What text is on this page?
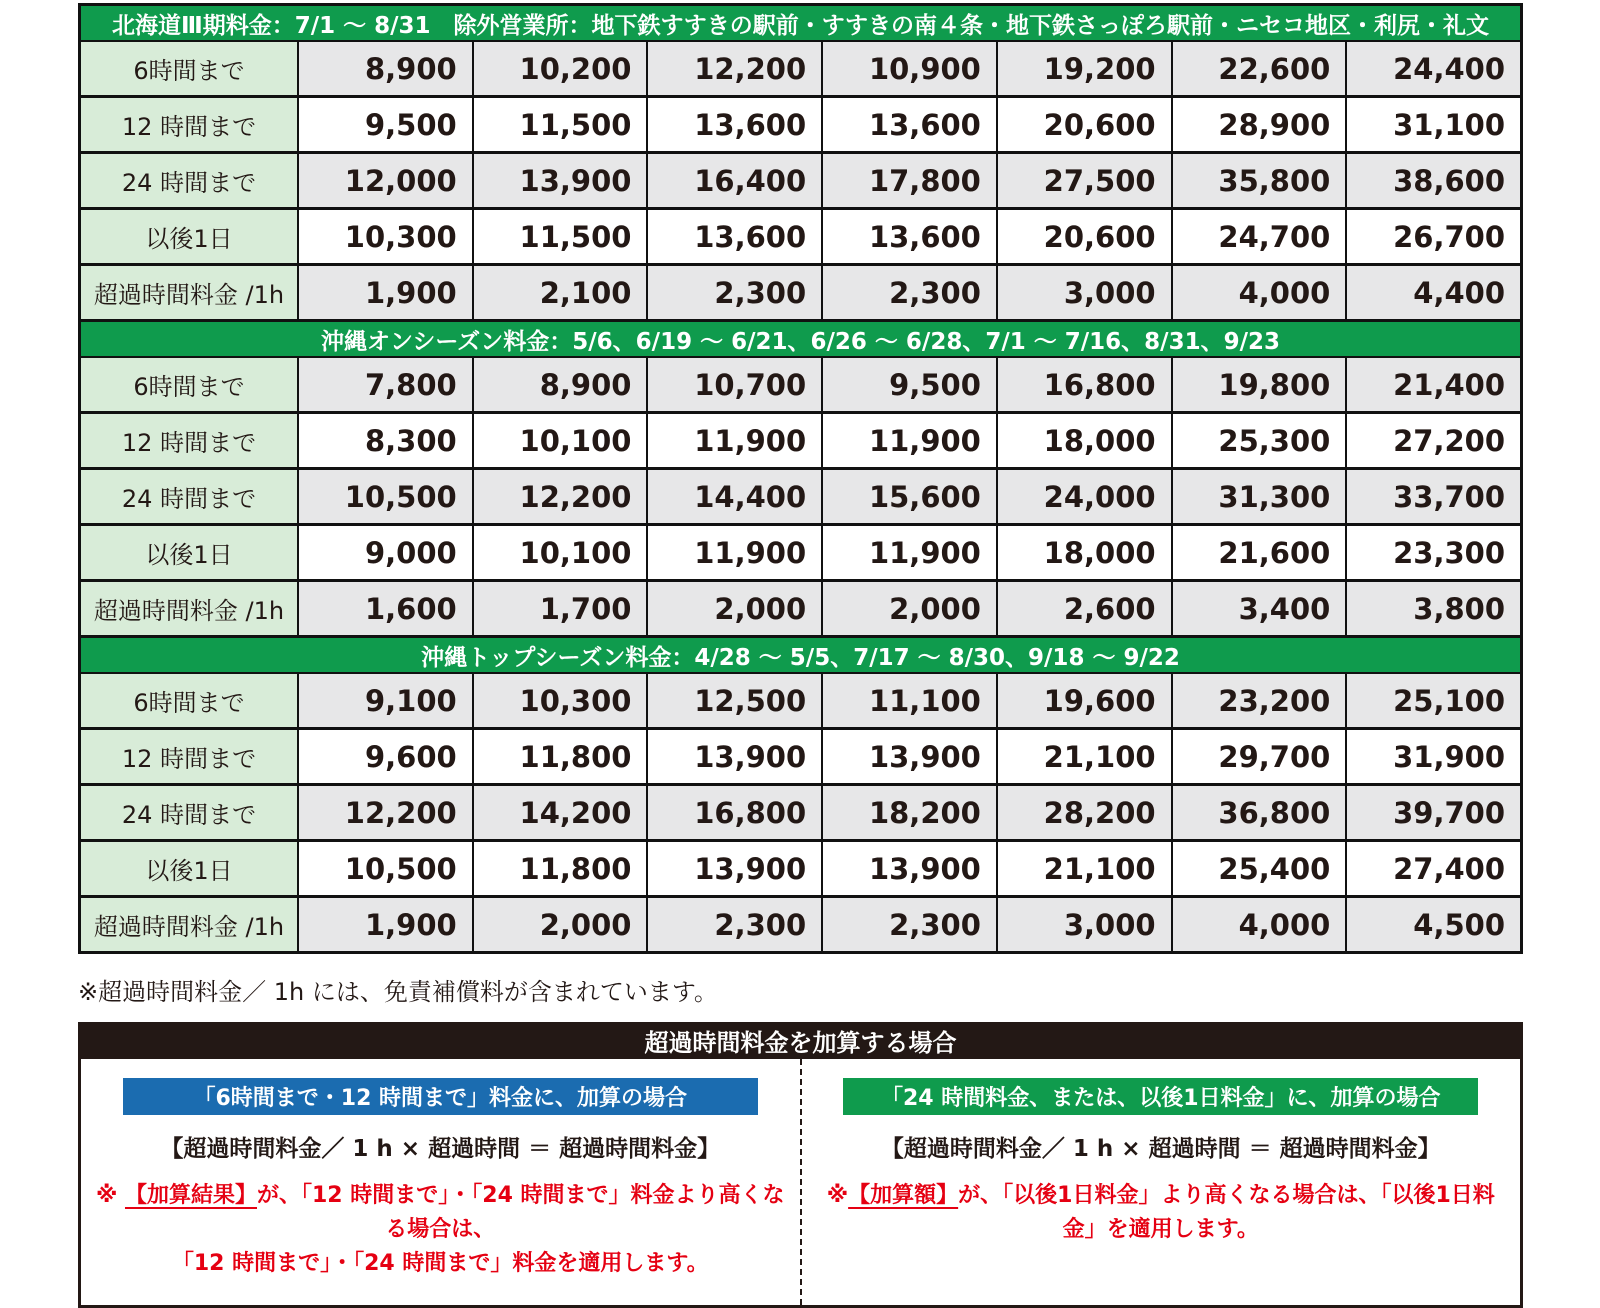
北海道Ⅲ期料金：7/1 ～ 8/31　除外営業所：地下鉄すすきの駅前・すすきの南４条・地下鉄さっぽろ駅前・ニセコ地区・利尻・礼文
6時間まで	8,900	10,200	12,200	10,900	19,200	22,600	24,400
12 時間まで	9,500	11,500	13,600	13,600	20,600	28,900	31,100
24 時間まで	12,000	13,900	16,400	17,800	27,500	35,800	38,600
以後1日	10,300	11,500	13,600	13,600	20,600	24,700	26,700
超過時間料金 /1h	1,900	2,100	2,300	2,300	3,000	4,000	4,400
沖縄オンシーズン料金：5/6、6/19 ～ 6/21、6/26 ～ 6/28、7/1 ～ 7/16、8/31、9/23
6時間まで	7,800	8,900	10,700	9,500	16,800	19,800	21,400
12 時間まで	8,300	10,100	11,900	11,900	18,000	25,300	27,200
24 時間まで	10,500	12,200	14,400	15,600	24,000	31,300	33,700
以後1日	9,000	10,100	11,900	11,900	18,000	21,600	23,300
超過時間料金 /1h	1,600	1,700	2,000	2,000	2,600	3,400	3,800
沖縄トップシーズン料金：4/28 ～ 5/5、7/17 ～ 8/30、9/18 ～ 9/22
6時間まで	9,100	10,300	12,500	11,100	19,600	23,200	25,100
12 時間まで	9,600	11,800	13,900	13,900	21,100	29,700	31,900
24 時間まで	12,200	14,200	16,800	18,200	28,200	36,800	39,700
以後1日	10,500	11,800	13,900	13,900	21,100	25,400	27,400
超過時間料金 /1h	1,900	2,000	2,300	2,300	3,000	4,000	4,500
※超過時間料金／ 1h には、免責補償料が含まれています。
超過時間料金を加算する場合
「6時間まで・12 時間まで」料金に、加算の場合
【超過時間料金／ 1 h × 超過時間 ＝ 超過時間料金】
※ 【加算結果】が、「12 時間まで」・「24 時間まで」料金より高くなる場合は、
「12 時間まで」・「24 時間まで」料金を適用します。
「24 時間料金、または、以後1日料金」に、加算の場合
【超過時間料金／ 1 h × 超過時間 ＝ 超過時間料金】
※【加算額】が、「以後1日料金」より高くなる場合は、「以後1日料金」を適用します。
